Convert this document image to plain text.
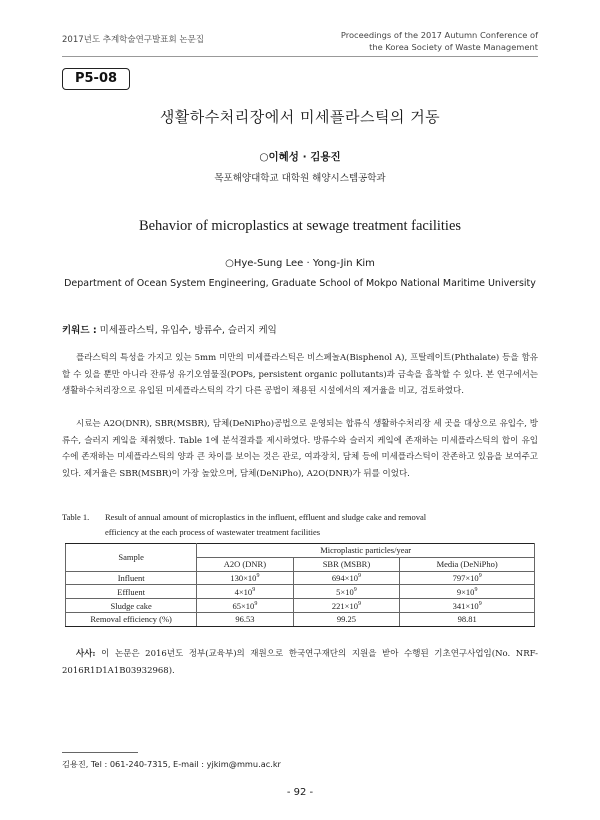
2017년도 추계학술연구발표회 논문집	Proceedings of the 2017 Autumn Conference of
the Korea Society of Waste Management
P5-08
생활하수처리장에서 미세플라스틱의 거동
○이혜성 · 김용진
목포해양대학교 대학원 해양시스템공학과
Behavior of microplastics at sewage treatment facilities
○Hye-Sung Lee · Yong-Jin Kim
Department of Ocean System Engineering, Graduate School of Mokpo National Maritime University
키워드 : 미세플라스틱, 유입수, 방류수, 슬러지 케잌
플라스틱의 특성을 가지고 있는 5mm 미만의 미세플라스틱은 비스페놀A(Bisphenol A), 프탈레이트(Phthalate) 등을 함유할 수 있을 뿐만 아니라 잔류성 유기오염물질(POPs, persistent organic pollutants)과 금속을 흡착할 수 있다. 본 연구에서는 생활하수처리장으로 유입된 미세플라스틱의 각기 다른 공법이 채용된 시설에서의 제거율을 비교, 검토하였다.
시료는 A2O(DNR), SBR(MSBR), 담체(DeNiPho)공법으로 운영되는 합류식 생활하수처리장 세 곳을 대상으로 유입수, 방류수, 슬러지 케잌을 채취했다. Table 1에 분석결과를 제시하였다. 방류수와 슬러지 케잌에 존재하는 미세플라스틱의 합이 유입수에 존재하는 미세플라스틱의 양과 큰 차이를 보이는 것은 관로, 여과장치, 담체 등에 미세플라스틱이 잔존하고 있음을 보여주고 있다. 제거율은 SBR(MSBR)이 가장 높았으며, 담체(DeNiPho), A2O(DNR)가 뒤를 이었다.
Table 1. Result of annual amount of microplastics in the influent, effluent and sludge cake and removal
efficiency at the each process of wastewater treatment facilities
Sample	Microplastic particles/year		
	A2O (DNR)	SBR (MSBR)	Media (DeNiPho)
Influent	$130\times 10^9$	$694\times 10^9$	$797\times 10^9$
Effluent	$4\times 10^9$	$5\times 10^9$	$9\times 10^9$
Sludge cake	$65\times 10^9$	$221\times 10^9$	$341\times 10^9$
Removal efficiency (%)	96.53	99.25	98.81
사사: 이 논문은 2016년도 정부(교육부)의 재원으로 한국연구재단의 지원을 받아 수행된 기초연구사업임(No. NRF-2016R1D1A1B03932968).
김용진, Tel : 061-240-7315, E-mail : yjkim@mmu.ac.kr
- 92 -
